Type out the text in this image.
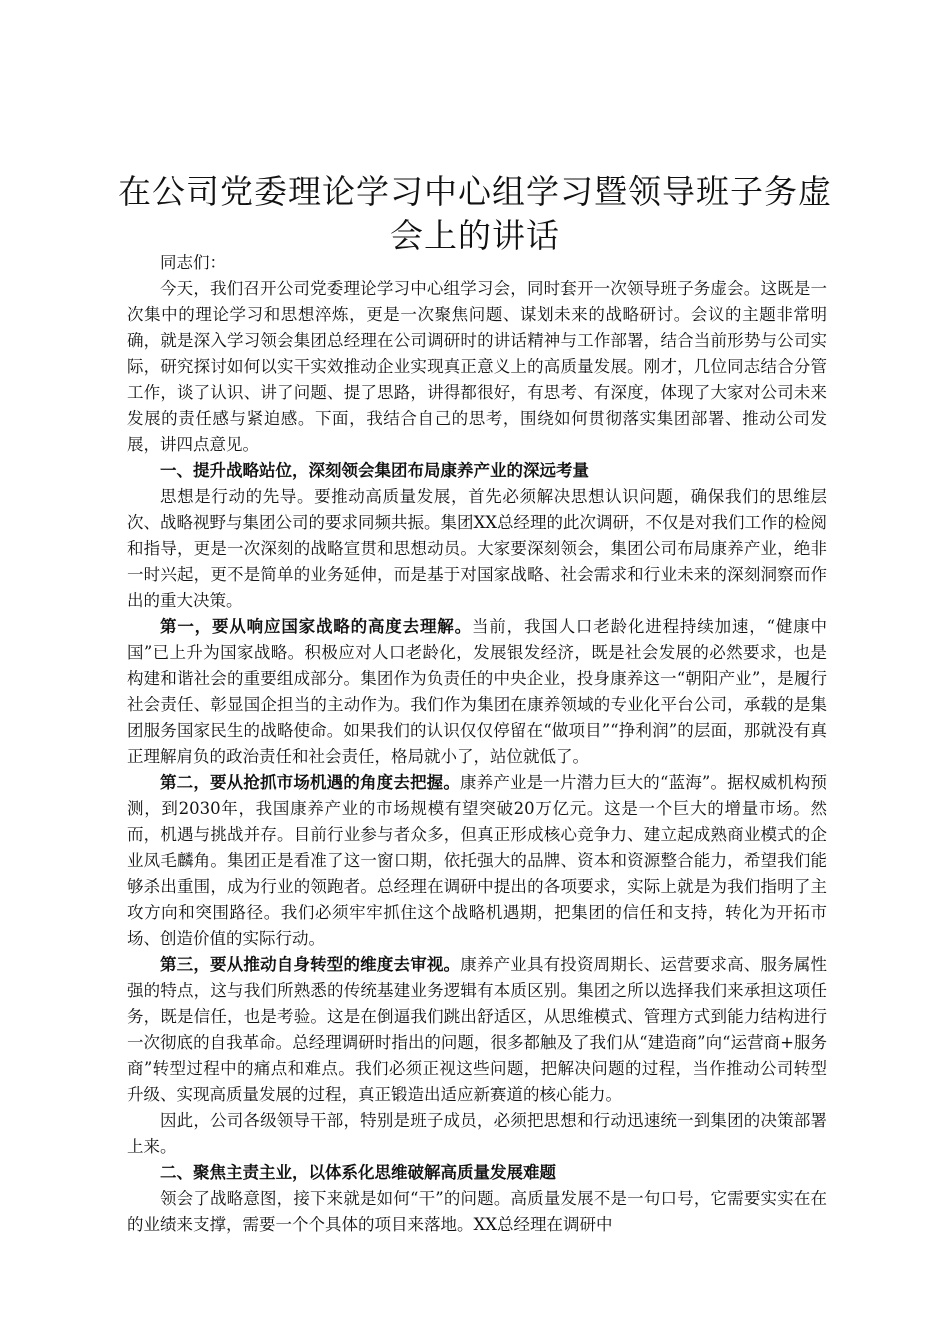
在公司党委理论学习中心组学习暨领导班子务虚会上的讲话

同志们：

今天，我们召开公司党委理论学习中心组学习会，同时套开一次领导班子务虚会。这既是一次集中的理论学习和思想淬炼，更是一次聚焦问题、谋划未来的战略研讨。会议的主题非常明确，就是深入学习领会集团总经理在公司调研时的讲话精神与工作部署，结合当前形势与公司实际，研究探讨如何以实干实效推动企业实现真正意义上的高质量发展。刚才，几位同志结合分管工作，谈了认识、讲了问题、提了思路，讲得都很好，有思考、有深度，体现了大家对公司未来发展的责任感与紧迫感。下面，我结合自己的思考，围绕如何贯彻落实集团部署、推动公司发展，讲四点意见。

一、提升战略站位，深刻领会集团布局康养产业的深远考量

思想是行动的先导。要推动高质量发展，首先必须解决思想认识问题，确保我们的思维层次、战略视野与集团公司的要求同频共振。集团XX总经理的此次调研，不仅是对我们工作的检阅和指导，更是一次深刻的战略宣贯和思想动员。大家要深刻领会，集团公司布局康养产业，绝非一时兴起，更不是简单的业务延伸，而是基于对国家战略、社会需求和行业未来的深刻洞察而作出的重大决策。

第一，要从响应国家战略的高度去理解。当前，我国人口老龄化进程持续加速，“健康中国”已上升为国家战略。积极应对人口老龄化，发展银发经济，既是社会发展的必然要求，也是构建和谐社会的重要组成部分。集团作为负责任的中央企业，投身康养这一“朝阳产业”，是履行社会责任、彰显国企担当的主动作为。我们作为集团在康养领域的专业化平台公司，承载的是集团服务国家民生的战略使命。如果我们的认识仅仅停留在“做项目”“挣利润”的层面，那就没有真正理解肩负的政治责任和社会责任，格局就小了，站位就低了。

第二，要从抢抓市场机遇的角度去把握。康养产业是一片潜力巨大的“蓝海”。据权威机构预测，到2030年，我国康养产业的市场规模有望突破20万亿元。这是一个巨大的增量市场。然而，机遇与挑战并存。目前行业参与者众多，但真正形成核心竞争力、建立起成熟商业模式的企业凤毛麟角。集团正是看准了这一窗口期，依托强大的品牌、资本和资源整合能力，希望我们能够杀出重围，成为行业的领跑者。总经理在调研中提出的各项要求，实际上就是为我们指明了主攻方向和突围路径。我们必须牢牢抓住这个战略机遇期，把集团的信任和支持，转化为开拓市场、创造价值的实际行动。

第三，要从推动自身转型的维度去审视。康养产业具有投资周期长、运营要求高、服务属性强的特点，这与我们所熟悉的传统基建业务逻辑有本质区别。集团之所以选择我们来承担这项任务，既是信任，也是考验。这是在倒逼我们跳出舒适区，从思维模式、管理方式到能力结构进行一次彻底的自我革命。总经理调研时指出的问题，很多都触及了我们从“建造商”向“运营商+服务商”转型过程中的痛点和难点。我们必须正视这些问题，把解决问题的过程，当作推动公司转型升级、实现高质量发展的过程，真正锻造出适应新赛道的核心能力。

因此，公司各级领导干部，特别是班子成员，必须把思想和行动迅速统一到集团的决策部署上来。

二、聚焦主责主业，以体系化思维破解高质量发展难题

领会了战略意图，接下来就是如何“干”的问题。高质量发展不是一句口号，它需要实实在在的业绩来支撑，需要一个个具体的项目来落地。XX总经理在调研中
